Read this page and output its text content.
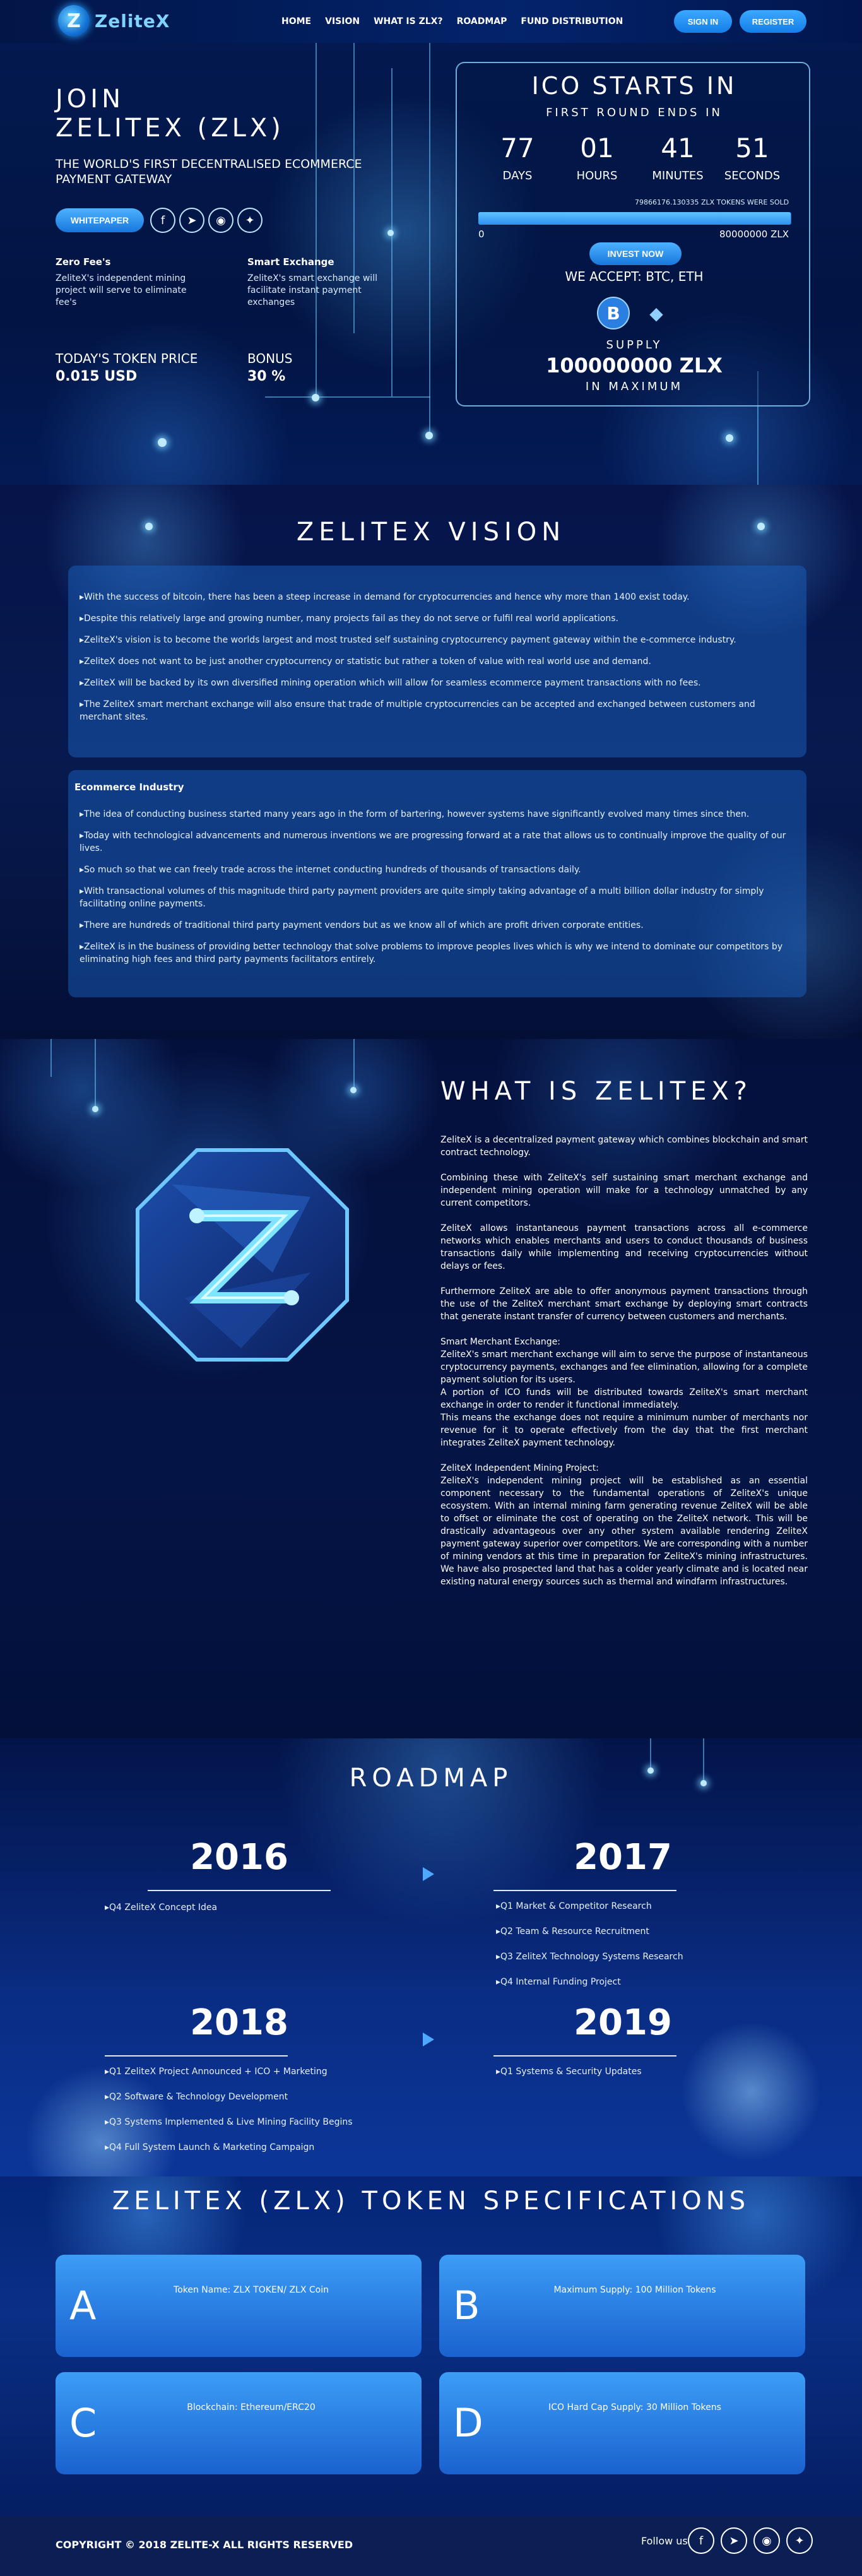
Z ZeliteX	HOME VISION WHAT IS ZLX? ROADMAP FUND DISTRIBUTION	SIGN IN	REGISTER
JOIN
ZELITEX (ZLX)
THE WORLD'S FIRST DECENTRALISED ECOMMERCE PAYMENT GATEWAY
WHITEPAPER	f	➤	◉	✦
Zero Fee's
ZeliteX's independent mining project will serve to eliminate fee's
Smart Exchange
ZeliteX's smart exchange will facilitate instant payment exchanges
TODAY'S TOKEN PRICE
0.015 USD
BONUS
30 %
ICO STARTS IN
FIRST ROUND ENDS IN
77
DAYS
01
HOURS
41
MINUTES
51
SECONDS
79866176.130335 ZLX TOKENS WERE SOLD
0	80000000 ZLX
INVEST NOW
WE ACCEPT: BTC, ETH
B	◆
SUPPLY
100000000 ZLX
IN MAXIMUM
ZELITEX VISION
▸ With the success of bitcoin, there has been a steep increase in demand for cryptocurrencies and hence why more than 1400 exist today.
▸ Despite this relatively large and growing number, many projects fail as they do not serve or fulfil real world applications.
▸ ZeliteX's vision is to become the worlds largest and most trusted self sustaining cryptocurrency payment gateway within the e-commerce industry.
▸ ZeliteX does not want to be just another cryptocurrency or statistic but rather a token of value with real world use and demand.
▸ ZeliteX will be backed by its own diversified mining operation which will allow for seamless ecommerce payment transactions with no fees.
▸ The ZeliteX smart merchant exchange will also ensure that trade of multiple cryptocurrencies can be accepted and exchanged between customers and merchant sites.
Ecommerce Industry
▸ The idea of conducting business started many years ago in the form of bartering, however systems have significantly evolved many times since then.
▸ Today with technological advancements and numerous inventions we are progressing forward at a rate that allows us to continually improve the quality of our lives.
▸ So much so that we can freely trade across the internet conducting hundreds of thousands of transactions daily.
▸ With transactional volumes of this magnitude third party payment providers are quite simply taking advantage of a multi billion dollar industry for simply facilitating online payments.
▸ There are hundreds of traditional third party payment vendors but as we know all of which are profit driven corporate entities.
▸ ZeliteX is in the business of providing better technology that solve problems to improve peoples lives which is why we intend to dominate our competitors by eliminating high fees and third party payments facilitators entirely.
WHAT IS ZELITEX?

ZeliteX is a decentralized payment gateway which combines blockchain and smart contract technology.

Combining these with ZeliteX's self sustaining smart merchant exchange and independent mining operation will make for a technology unmatched by any current competitors.

ZeliteX allows instantaneous payment transactions across all e-commerce networks which enables merchants and users to conduct thousands of business transactions daily while implementing and receiving cryptocurrencies without delays or fees.

Furthermore ZeliteX are able to offer anonymous payment transactions through the use of the ZeliteX merchant smart exchange by deploying smart contracts that generate instant transfer of currency between customers and merchants.

Smart Merchant Exchange:

ZeliteX's smart merchant exchange will aim to serve the purpose of instantaneous cryptocurrency payments, exchanges and fee elimination, allowing for a complete payment solution for its users.

A portion of ICO funds will be distributed towards ZeliteX's smart merchant exchange in order to render it functional immediately.

This means the exchange does not require a minimum number of merchants nor revenue for it to operate effectively from the day that the first merchant integrates ZeliteX payment technology.

ZeliteX Independent Mining Project:

ZeliteX's independent mining project will be established as an essential component necessary to the fundamental operations of ZeliteX's unique ecosystem. With an internal mining farm generating revenue ZeliteX will be able to offset or eliminate the cost of operating on the ZeliteX network. This will be drastically advantageous over any other system available rendering ZeliteX payment gateway superior over competitors. We are corresponding with a number of mining vendors at this time in preparation for ZeliteX's mining infrastructures. We have also prospected land that has a colder yearly climate and is located near existing natural energy sources such as thermal and windfarm infrastructures.

ROADMAP
2016
▸ Q4 ZeliteX Concept Idea
2017
▸ Q1 Market & Competitor Research
▸ Q2 Team & Resource Recruitment
▸ Q3 ZeliteX Technology Systems Research
▸ Q4 Internal Funding Project
2018
▸ Q1 ZeliteX Project Announced + ICO + Marketing
▸ Q2 Software & Technology Development
▸ Q3 Systems Implemented & Live Mining Facility Begins
▸ Q4 Full System Launch & Marketing Campaign
2019
▸ Q1 Systems & Security Updates
ZELITEX (ZLX) TOKEN SPECIFICATIONS
A	Token Name: ZLX TOKEN/ ZLX Coin	B	Maximum Supply: 100 Million Tokens
C	Blockchain: Ethereum/ERC20	D	ICO Hard Cap Supply: 30 Million Tokens
COPYRIGHT © 2018 ZELITE-X ALL RIGHTS RESERVED	Follow us	f	➤	◉	✦
